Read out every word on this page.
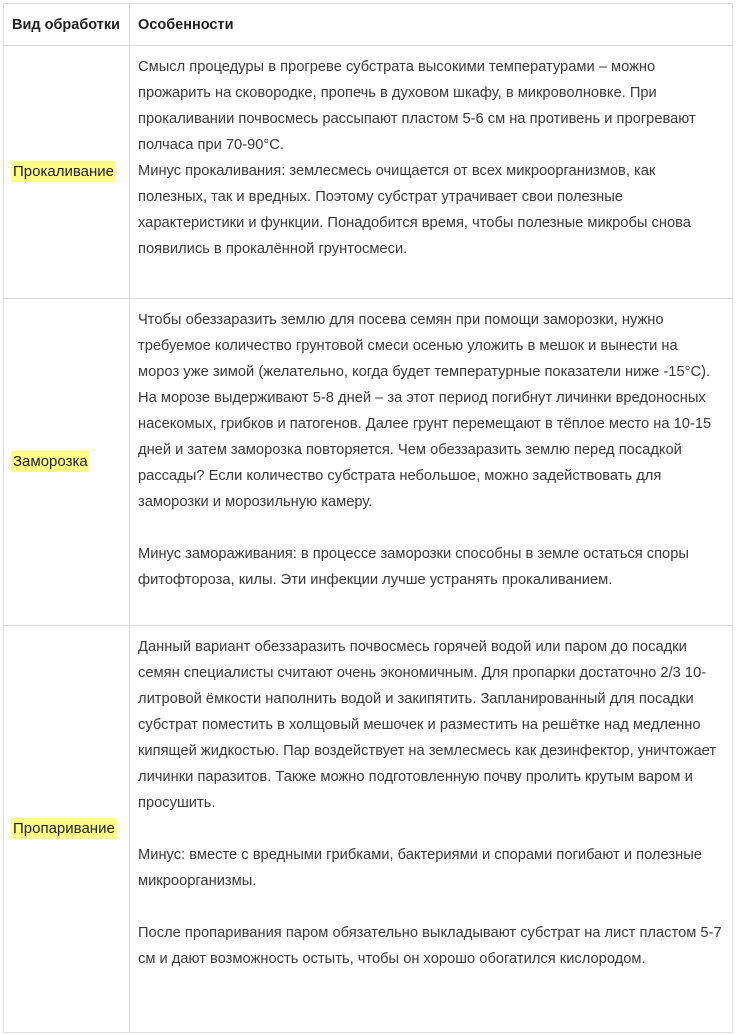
Вид обработки	Особенности
Прокаливание	Смысл процедуры в прогреве субстрата высокими температурами – можно прожарить на сковородке, пропечь в духовом шкафу, в микроволновке. При прокаливании почвосмесь рассыпают пластом 5-6 см на противень и прогревают полчаса при 70-90°C.

Минус прокаливания: землесмесь очищается от всех микроорганизмов, как полезных, так и вредных. Поэтому субстрат утрачивает свои полезные характеристики и функции. Понадобится время, чтобы полезные микробы снова появились в прокалённой грунтосмеси.

Заморозка	Чтобы обеззаразить землю для посева семян при помощи заморозки, нужно требуемое количество грунтовой смеси осенью уложить в мешок и вынести на мороз уже зимой (желательно, когда будет температурные показатели ниже -15°C). На морозе выдерживают 5-8 дней – за этот период погибнут личинки вредоносных насекомых, грибков и патогенов. Далее грунт перемещают в тёплое место на 10-15 дней и затем заморозка повторяется. Чем обеззаразить землю перед посадкой рассады? Если количество субстрата небольшое, можно задействовать для заморозки и морозильную камеру.

Минус замораживания: в процессе заморозки способны в земле остаться споры фитофтороза, килы. Эти инфекции лучше устранять прокаливанием.

Пропаривание	Данный вариант обеззаразить почвосмесь горячей водой или паром до посадки семян специалисты считают очень экономичным. Для пропарки достаточно 2/3 10-литровой ёмкости наполнить водой и закипятить. Запланированный для посадки субстрат поместить в холщовый мешочек и разместить на решётке над медленно кипящей жидкостью. Пар воздействует на землесмесь как дезинфектор, уничтожает личинки паразитов. Также можно подготовленную почву пролить крутым варом и просушить.

Минус: вместе с вредными грибками, бактериями и спорами погибают и полезные микроорганизмы.

После пропаривания паром обязательно выкладывают субстрат на лист пластом 5-7 см и дают возможность остыть, чтобы он хорошо обогатился кислородом.
